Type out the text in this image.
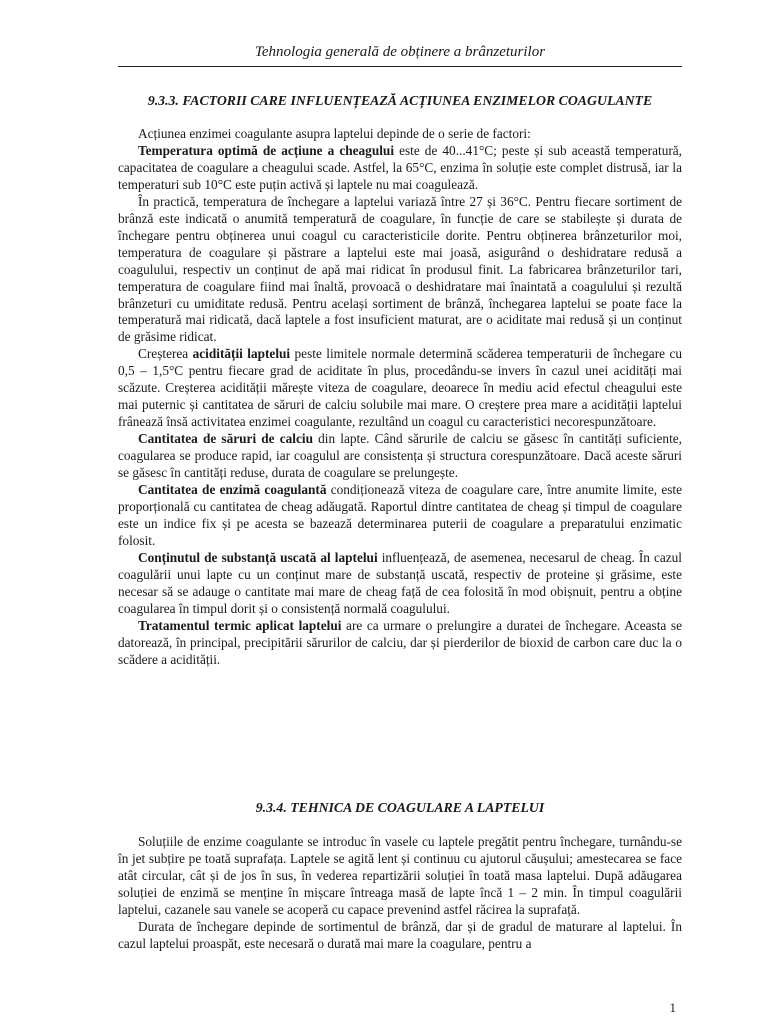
Tehnologia generală de obținere a brânzeturilor
9.3.3. FACTORII CARE INFLUENȚEAZĂ ACȚIUNEA ENZIMELOR COAGULANTE

Acțiunea enzimei coagulante asupra laptelui depinde de o serie de factori:

Temperatura optimă de acțiune a cheagului este de 40...41°C; peste și sub această temperatură, capacitatea de coagulare a cheagului scade. Astfel, la 65°C, enzima în soluție este complet distrusă, iar la temperaturi sub 10°C este puțin activă și laptele nu mai coagulează.

În practică, temperatura de închegare a laptelui variază între 27 și 36°C. Pentru fiecare sortiment de brânză este indicată o anumită temperatură de coagulare, în funcție de care se stabilește și durata de închegare pentru obținerea unui coagul cu caracteristicile dorite. Pentru obținerea brânzeturilor moi, temperatura de coagulare și păstrare a laptelui este mai joasă, asigurând o deshidratare redusă a coagulului, respectiv un conținut de apă mai ridicat în produsul finit. La fabricarea brânzeturilor tari, temperatura de coagulare fiind mai înaltă, provoacă o deshidratare mai înaintată a coagulului și rezultă brânzeturi cu umiditate redusă. Pentru același sortiment de brânză, închegarea laptelui se poate face la temperatură mai ridicată, dacă laptele a fost insuficient maturat, are o aciditate mai redusă și un conținut de grăsime ridicat.

Creșterea acidității laptelui peste limitele normale determină scăderea temperaturii de închegare cu 0,5 – 1,5°C pentru fiecare grad de aciditate în plus, procedându-se invers în cazul unei acidități mai scăzute. Creșterea acidității mărește viteza de coagulare, deoarece în mediu acid efectul cheagului este mai puternic și cantitatea de săruri de calciu solubile mai mare. O creștere prea mare a acidității laptelui frânează însă activitatea enzimei coagulante, rezultând un coagul cu caracteristici necorespunzătoare.

Cantitatea de săruri de calciu din lapte. Când sărurile de calciu se găsesc în cantități suficiente, coagularea se produce rapid, iar coagulul are consistența și structura corespunzătoare. Dacă aceste săruri se găsesc în cantități reduse, durata de coagulare se prelungește.

Cantitatea de enzimă coagulantă condiționează viteza de coagulare care, între anumite limite, este proporțională cu cantitatea de cheag adăugată. Raportul dintre cantitatea de cheag și timpul de coagulare este un indice fix și pe acesta se bazează determinarea puterii de coagulare a preparatului enzimatic folosit.

Conținutul de substanță uscată al laptelui influențează, de asemenea, necesarul de cheag. În cazul coagulării unui lapte cu un conținut mare de substanță uscată, respectiv de proteine și grăsime, este necesar să se adauge o cantitate mai mare de cheag față de cea folosită în mod obișnuit, pentru a obține coagularea în timpul dorit și o consistență normală coagulului.

Tratamentul termic aplicat laptelui are ca urmare o prelungire a duratei de închegare. Aceasta se datorează, în principal, precipitării sărurilor de calciu, dar și pierderilor de bioxid de carbon care duc la o scădere a acidității.

9.3.4. TEHNICA DE COAGULARE A LAPTELUI

Soluțiile de enzime coagulante se introduc în vasele cu laptele pregătit pentru închegare, turnându-se în jet subțire pe toată suprafața. Laptele se agită lent și continuu cu ajutorul căușului; amestecarea se face atât circular, cât și de jos în sus, în vederea repartizării soluției în toată masa laptelui. După adăugarea soluției de enzimă se menține în mișcare întreaga masă de lapte încă 1 – 2 min. În timpul coagulării laptelui, cazanele sau vanele se acoperă cu capace prevenind astfel răcirea la suprafață.

Durata de închegare depinde de sortimentul de brânză, dar și de gradul de maturare al laptelui. În cazul laptelui proaspăt, este necesară o durată mai mare la coagulare, pentru a

1
